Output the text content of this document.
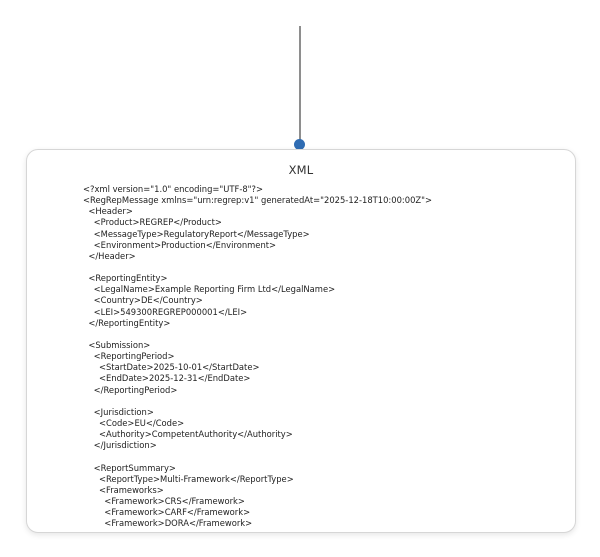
XML
<?xml version="1.0" encoding="UTF-8"?>
<RegRepMessage xmlns="urn:regrep:v1" generatedAt="2025-12-18T10:00:00Z">
<Header>
<Product>REGREP</Product>
<MessageType>RegulatoryReport</MessageType>
<Environment>Production</Environment>
</Header>
<ReportingEntity>
<LegalName>Example Reporting Firm Ltd</LegalName>
<Country>DE</Country>
<LEI>549300REGREP000001</LEI>
</ReportingEntity>
<Submission>
<ReportingPeriod>
<StartDate>2025-10-01</StartDate>
<EndDate>2025-12-31</EndDate>
</ReportingPeriod>
<Jurisdiction>
<Code>EU</Code>
<Authority>CompetentAuthority</Authority>
</Jurisdiction>
<ReportSummary>
<ReportType>Multi-Framework</ReportType>
<Frameworks>
<Framework>CRS</Framework>
<Framework>CARF</Framework>
<Framework>DORA</Framework>
